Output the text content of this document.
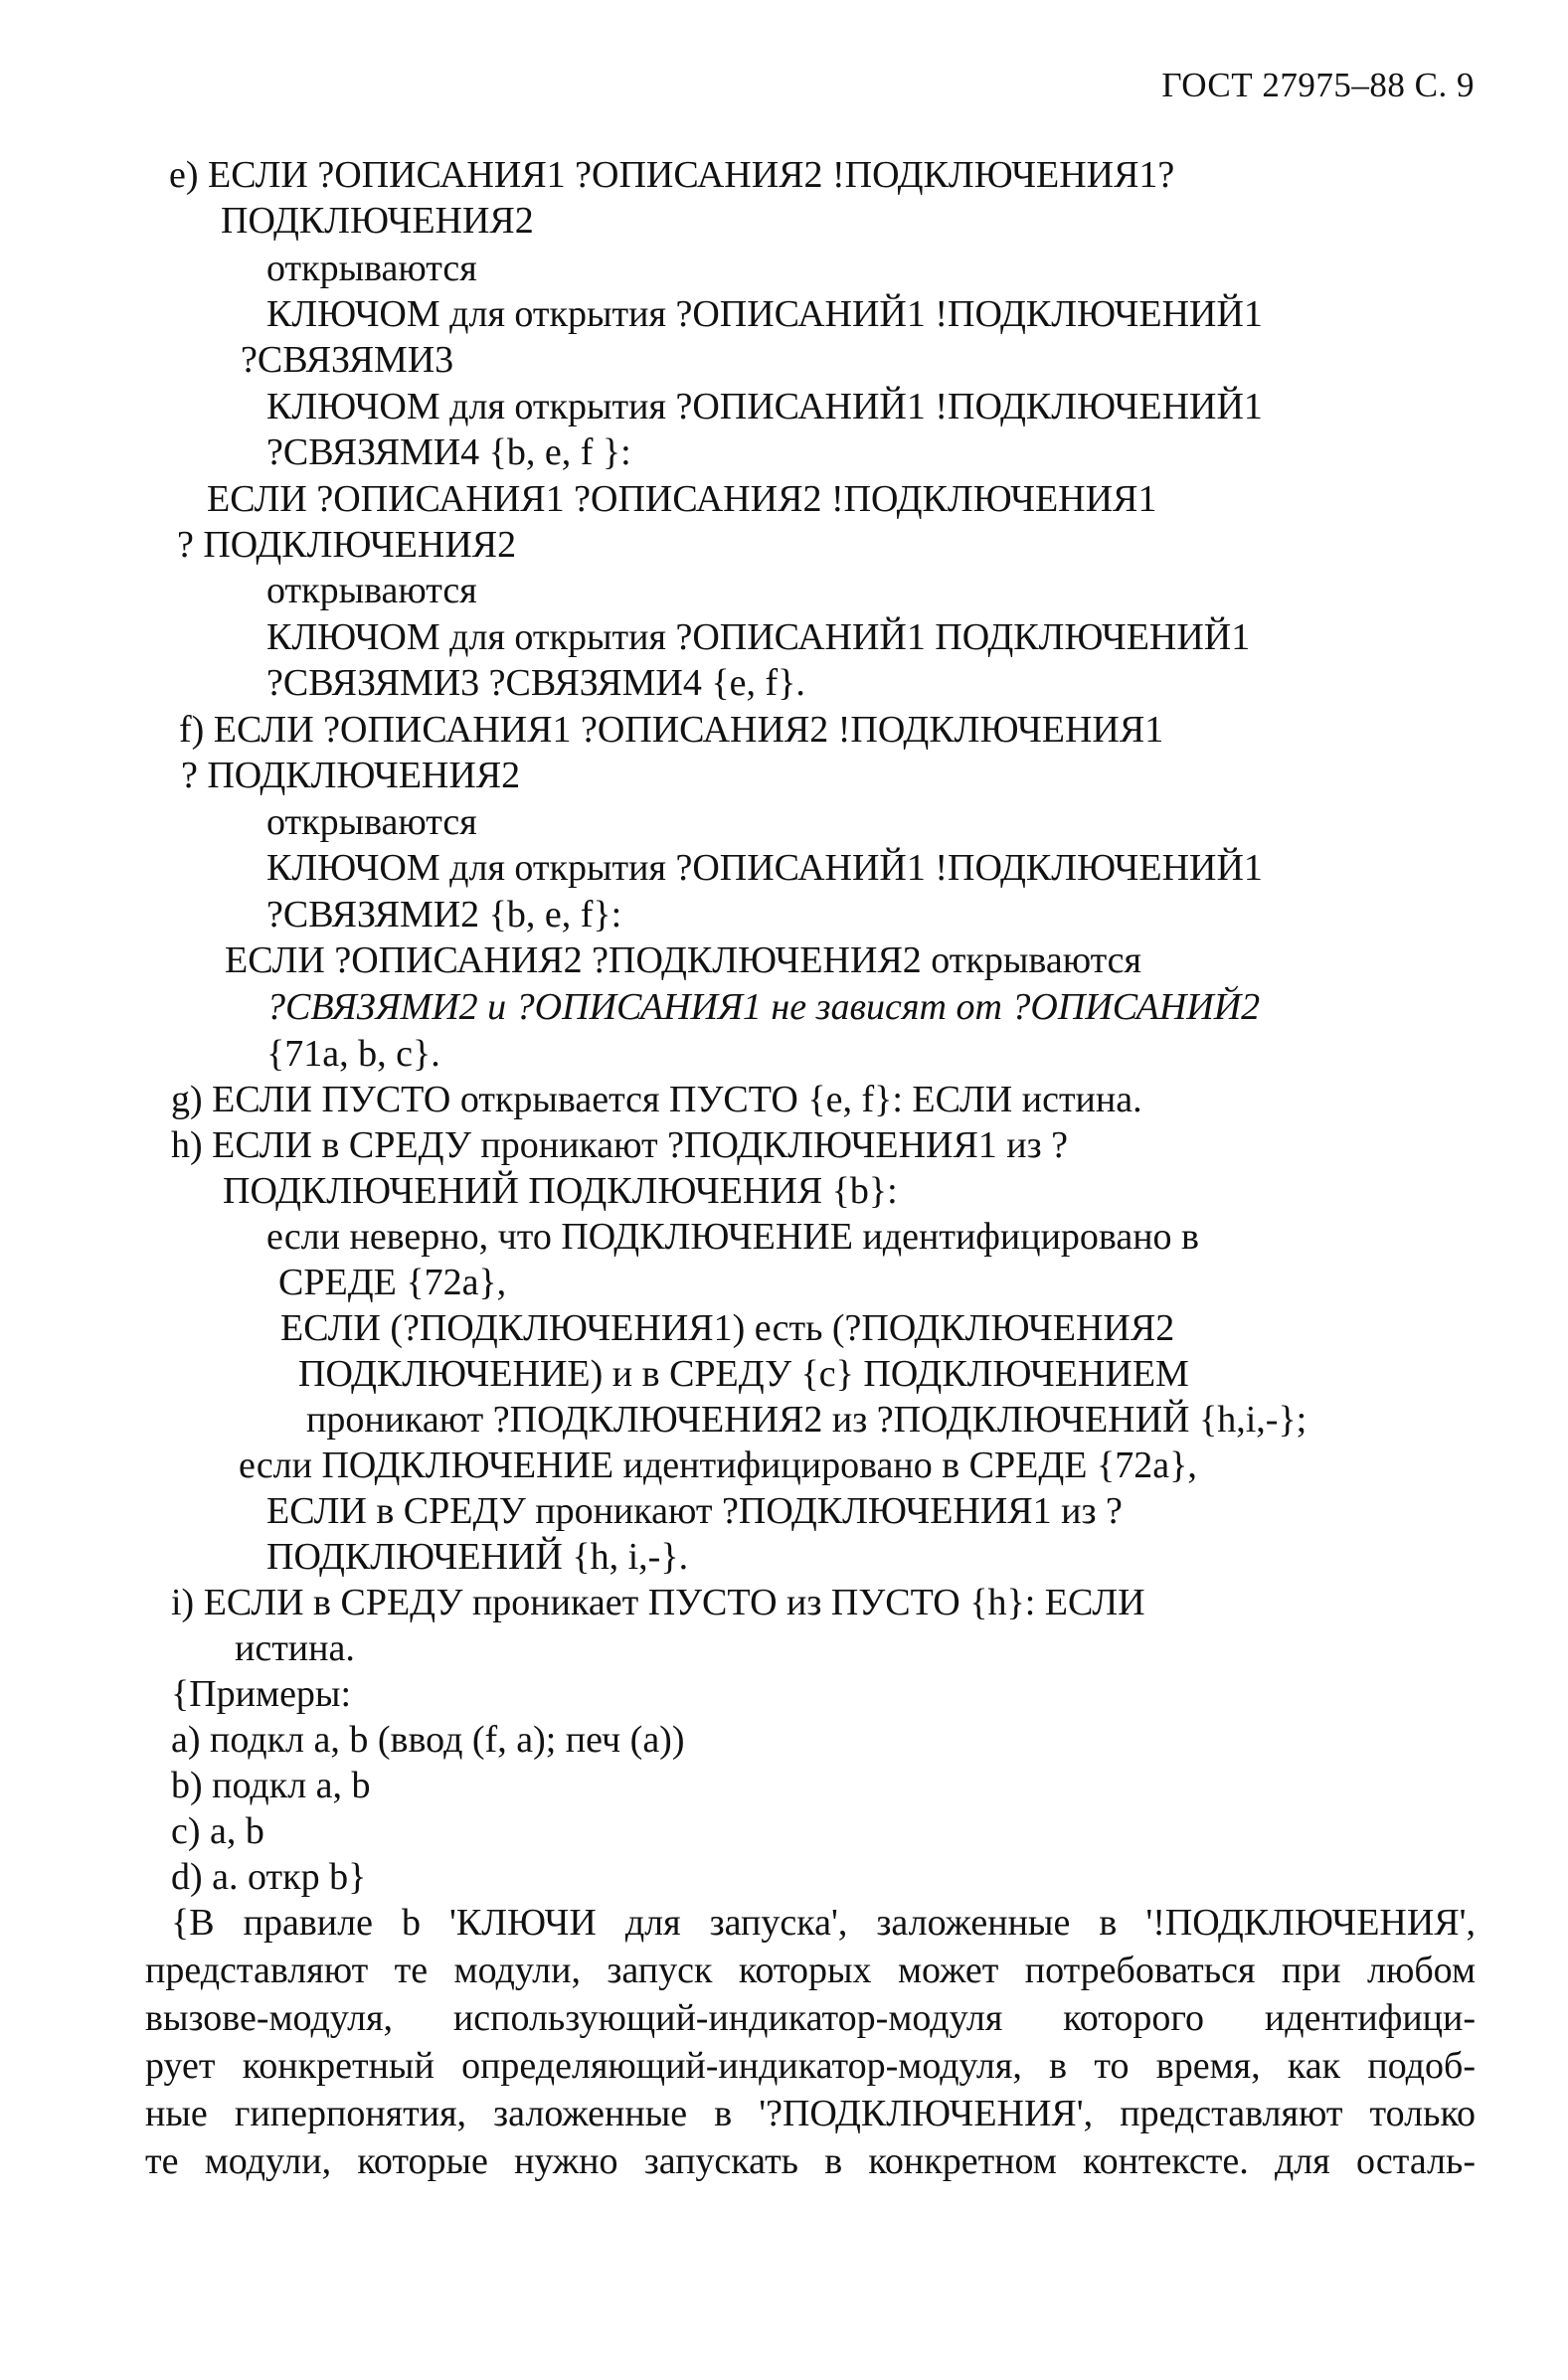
ГОСТ 27975–88 С. 9
е) ЕСЛИ ?ОПИСАНИЯ1 ?ОПИСАНИЯ2 !ПОДКЛЮЧЕНИЯ1?
ПОДКЛЮЧЕНИЯ2
открываются
КЛЮЧОМ для открытия ?ОПИСАНИЙ1 !ПОДКЛЮЧЕНИЙ1
?СВЯЗЯМИ3
КЛЮЧОМ для открытия ?ОПИСАНИЙ1 !ПОДКЛЮЧЕНИЙ1
?СВЯЗЯМИ4 {b, e, f }:
ЕСЛИ ?ОПИСАНИЯ1 ?ОПИСАНИЯ2 !ПОДКЛЮЧЕНИЯ1
? ПОДКЛЮЧЕНИЯ2
открываются
КЛЮЧОМ для открытия ?ОПИСАНИЙ1 ПОДКЛЮЧЕНИЙ1
?СВЯЗЯМИ3 ?СВЯЗЯМИ4 {е, f}.
f) ЕСЛИ ?ОПИСАНИЯ1 ?ОПИСАНИЯ2 !ПОДКЛЮЧЕНИЯ1
? ПОДКЛЮЧЕНИЯ2
открываются
КЛЮЧОМ для открытия ?ОПИСАНИЙ1 !ПОДКЛЮЧЕНИЙ1
?СВЯЗЯМИ2 {b, е, f}:
ЕСЛИ ?ОПИСАНИЯ2 ?ПОДКЛЮЧЕНИЯ2 открываются
?СВЯЗЯМИ2 и ?ОПИСАНИЯ1 не зависят от ?ОПИСАНИЙ2
{71a, b, c}.
g) ЕСЛИ ПУСТО открывается ПУСТО {е, f}: ЕСЛИ истина.
h) ЕСЛИ в СРЕДУ проникают ?ПОДКЛЮЧЕНИЯ1 из ?
ПОДКЛЮЧЕНИЙ ПОДКЛЮЧЕНИЯ {b}:
если неверно, что ПОДКЛЮЧЕНИЕ идентифицировано в
СРЕДЕ {72a},
ЕСЛИ (?ПОДКЛЮЧЕНИЯ1) есть (?ПОДКЛЮЧЕНИЯ2
ПОДКЛЮЧЕНИЕ) и в СРЕДУ {c} ПОДКЛЮЧЕНИЕМ
проникают ?ПОДКЛЮЧЕНИЯ2 из ?ПОДКЛЮЧЕНИЙ {h,i,-};
если ПОДКЛЮЧЕНИЕ идентифицировано в СРЕДЕ {72a},
ЕСЛИ в СРЕДУ проникают ?ПОДКЛЮЧЕНИЯ1 из ?
ПОДКЛЮЧЕНИЙ {h, i,-}.
i) ЕСЛИ в СРЕДУ проникает ПУСТО из ПУСТО {h}: ЕСЛИ
истина.
{Примеры:
a) подкл a, b (ввод (f, a); печ (a))
b) подкл a, b
c) a, b
d) a. откр b}
{В правиле b 'КЛЮЧИ для запуска', заложенные в '!ПОДКЛЮЧЕНИЯ',
представляют те модули, запуск которых может потребоваться при любом
вызове-модуля, использующий-индикатор-модуля которого идентифици-
рует конкретный определяющий-индикатор-модуля, в то время, как подоб-
ные гиперпонятия, заложенные в '?ПОДКЛЮЧЕНИЯ', представляют только
те модули, которые нужно запускать в конкретном контексте. для осталь-
